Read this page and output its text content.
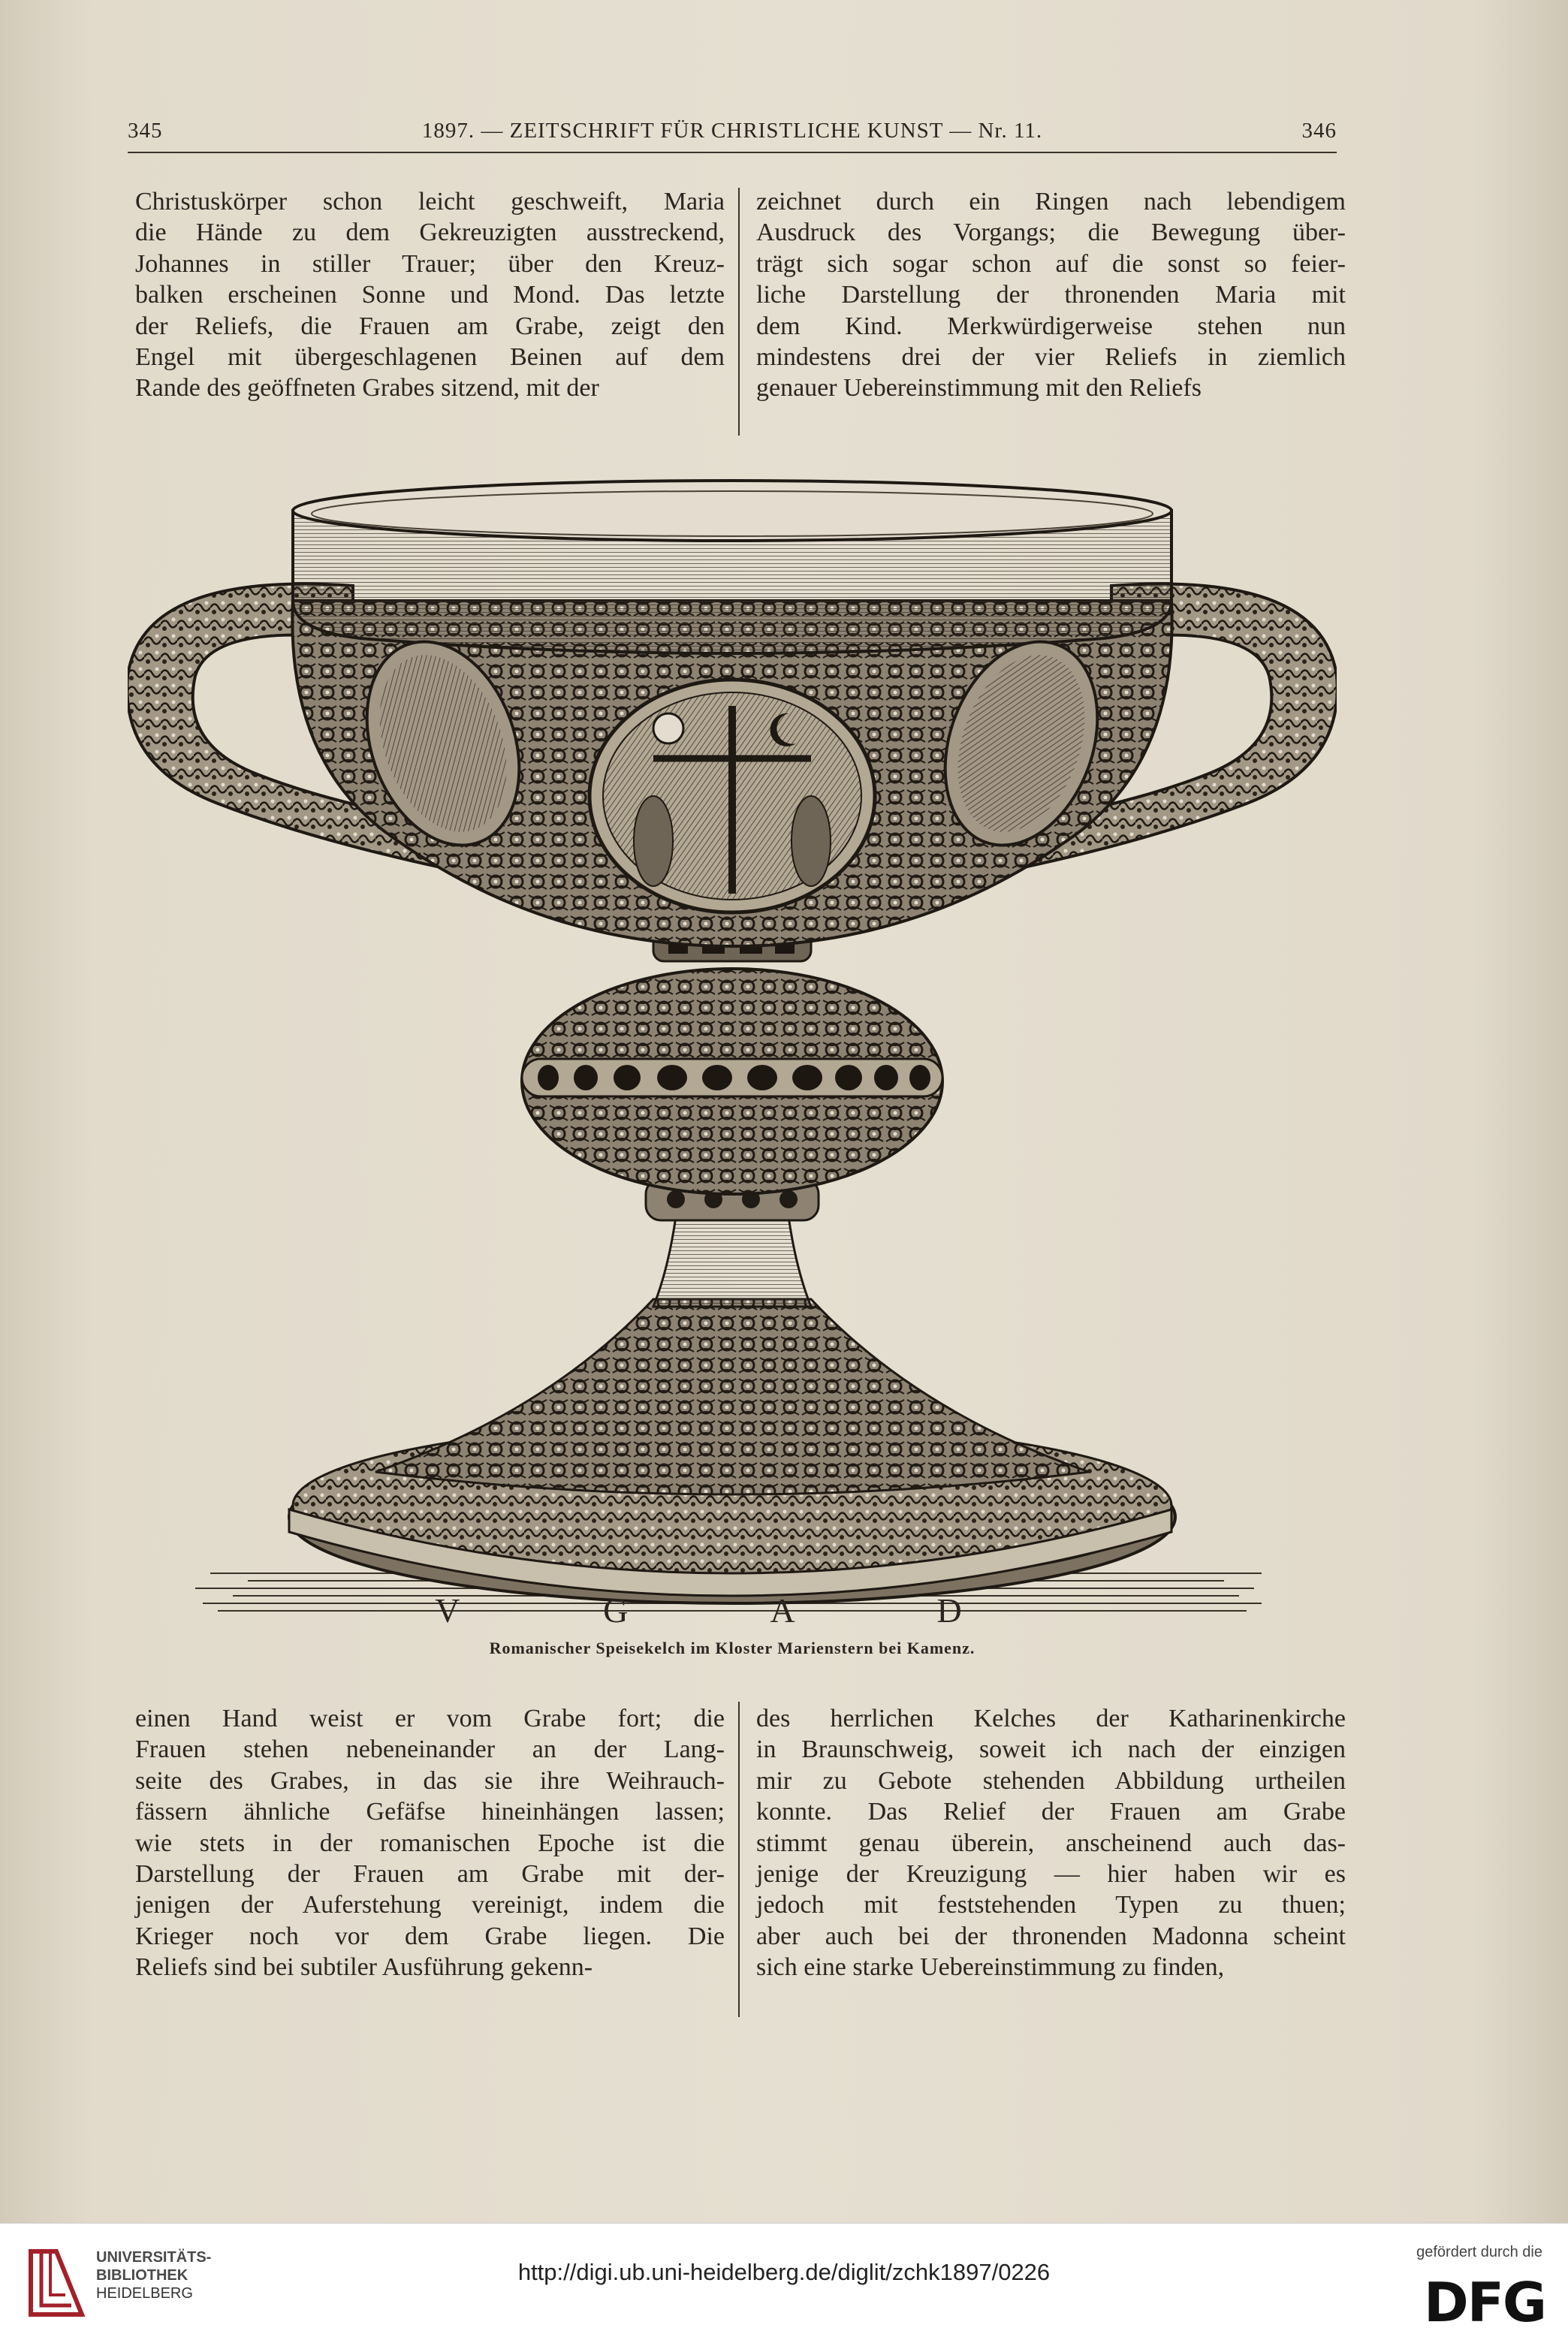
345	1897. — ZEITSCHRIFT FÜR CHRISTLICHE KUNST — Nr. 11.	346
Christuskörper schon leicht geschweift, Maria
die Hände zu dem Gekreuzigten ausstreckend,
Johannes in stiller Trauer; über den Kreuz-
balken erscheinen Sonne und Mond. Das letzte
der Reliefs, die Frauen am Grabe, zeigt den
Engel mit übergeschlagenen Beinen auf dem
Rande des geöffneten Grabes sitzend, mit der
zeichnet durch ein Ringen nach lebendigem
Ausdruck des Vorgangs; die Bewegung über-
trägt sich sogar schon auf die sonst so feier-
liche Darstellung der thronenden Maria mit
dem Kind. Merkwürdigerweise stehen nun
mindestens drei der vier Reliefs in ziemlich
genauer Uebereinstimmung mit den Reliefs
V G A D
Romanischer Speisekelch im Kloster Marienstern bei Kamenz.
einen Hand weist er vom Grabe fort; die
Frauen stehen nebeneinander an der Lang-
seite des Grabes, in das sie ihre Weihrauch-
fässern ähnliche Gefäfse hineinhängen lassen;
wie stets in der romanischen Epoche ist die
Darstellung der Frauen am Grabe mit der-
jenigen der Auferstehung vereinigt, indem die
Krieger noch vor dem Grabe liegen. Die
Reliefs sind bei subtiler Ausführung gekenn-
des herrlichen Kelches der Katharinenkirche
in Braunschweig, soweit ich nach der einzigen
mir zu Gebote stehenden Abbildung urtheilen
konnte. Das Relief der Frauen am Grabe
stimmt genau überein, anscheinend auch das-
jenige der Kreuzigung — hier haben wir es
jedoch mit feststehenden Typen zu thuen;
aber auch bei der thronenden Madonna scheint
sich eine starke Uebereinstimmung zu finden,
UNIVERSITÄTS-
BIBLIOTHEK
HEIDELBERG
http://digi.ub.uni-heidelberg.de/diglit/zchk1897/0226
gefördert durch die
DFG
